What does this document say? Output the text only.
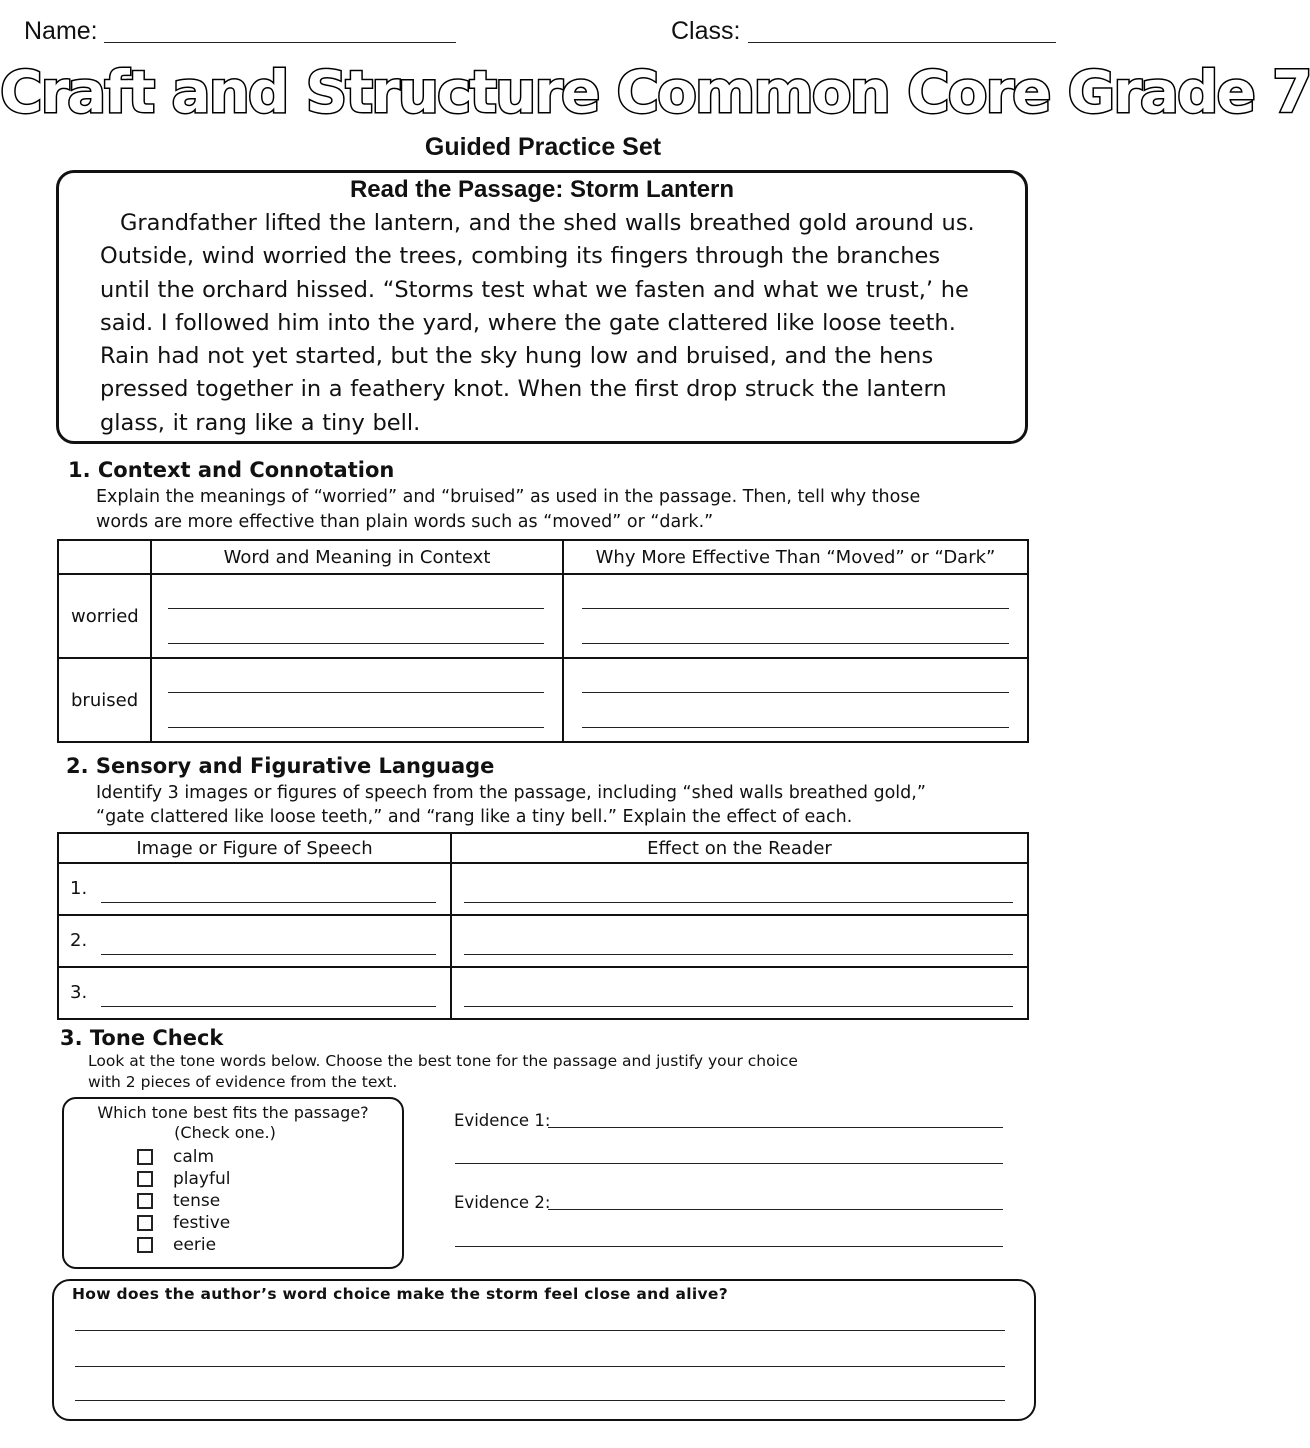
Name:	Class:
Craft and Structure Common Core Grade 7
Guided Practice Set
Read the Passage: Storm Lantern
Grandfather lifted the lantern, and the shed walls breathed gold around us. Outside, wind worried the trees, combing its fingers through the branches until the orchard hissed. “Storms test what we fasten and what we trust,’ he said. I followed him into the yard, where the gate clattered like loose teeth. Rain had not yet started, but the sky hung low and bruised, and the hens pressed together in a feathery knot. When the first drop struck the lantern glass, it rang like a tiny bell.
1. Context and Connotation
Explain the meanings of “worried” and “bruised” as used in the passage. Then, tell why those words are more effective than plain words such as “moved” or “dark.”
	Word and Meaning in Context	Why More Effective Than “Moved” or “Dark”
worried	

bruised	

2. Sensory and Figurative Language
Identify 3 images or figures of speech from the passage, including “shed walls breathed gold,” “gate clattered like loose teeth,” and “rang like a tiny bell.” Explain the effect of each.
Image or Figure of Speech	Effect on the Reader

1.	

2.	

3.	

3. Tone Check
Look at the tone words below. Choose the best tone for the passage and justify your choice with 2 pieces of evidence from the text.
Which tone best fits the passage?
(Check one.)
calm
playful
tense
festive
eerie
Evidence 1:
Evidence 2:
How does the author’s word choice make the storm feel close and alive?
